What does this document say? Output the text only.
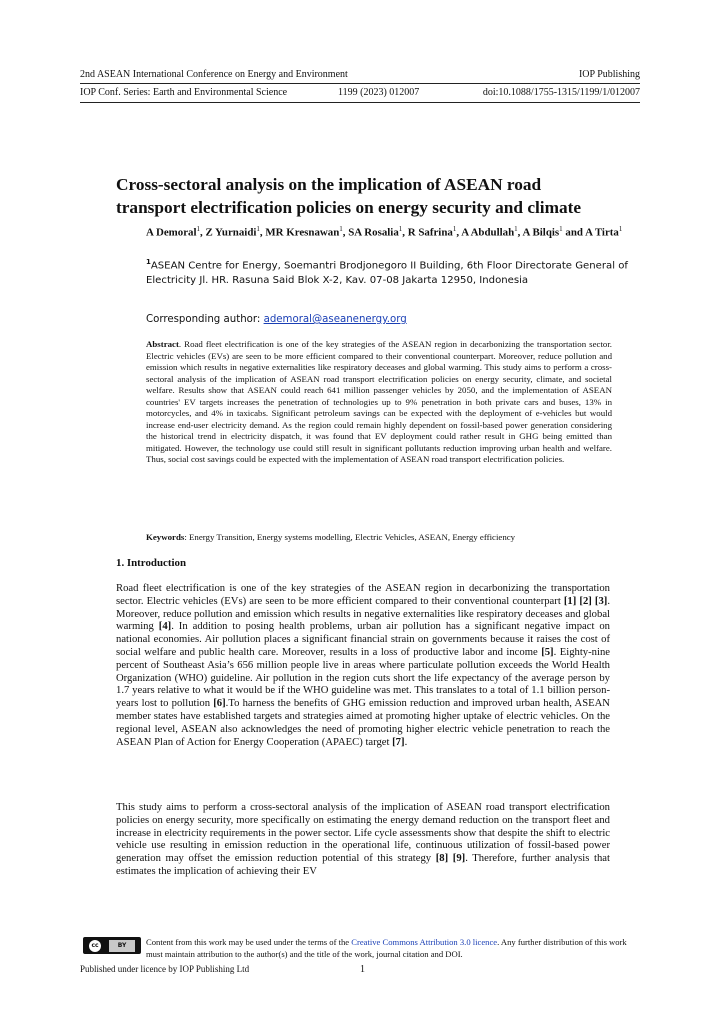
2nd ASEAN International Conference on Energy and Environment	IOP Publishing
IOP Conf. Series: Earth and Environmental Science	1199 (2023) 012007	doi:10.1088/1755-1315/1199/1/012007
Cross-sectoral analysis on the implication of ASEAN road
transport electrification policies on energy security and climate
A Demoral$^1$, Z Yurnaidi$^1$, MR Kresnawan$^1$, SA Rosalia$^1$, R Safrina$^1$, A Abdullah$^1$, A Bilqis$^1$ and A Tirta$^1$
$^1$ASEAN Centre for Energy, Soemantri Brodjonegoro II Building, 6th Floor Directorate General of Electricity Jl. HR. Rasuna Said Blok X-2, Kav. 07-08 Jakarta 12950, Indonesia
Corresponding author: ademoral@aseanenergy.org

Abstract. Road fleet electrification is one of the key strategies of the ASEAN region in decarbonizing the transportation sector. Electric vehicles (EVs) are seen to be more efficient compared to their conventional counterpart. Moreover, reduce pollution and emission which results in negative externalities like respiratory deceases and global warming. This study aims to perform a cross-sectoral analysis of the implication of ASEAN road transport electrification policies on energy security, climate, and societal welfare. Results show that ASEAN could reach 641 million passenger vehicles by 2050, and the implementation of ASEAN countries' EV targets increases the penetration of technologies up to 9% penetration in both private cars and buses, 13% in motorcycles, and 4% in taxicabs. Significant petroleum savings can be expected with the deployment of e-vehicles but would increase end-user electricity demand. As the region could remain highly dependent on fossil-based power generation considering the historical trend in electricity dispatch, it was found that EV deployment could rather result in GHG being emitted than mitigated. However, the technology use could still result in significant pollutants reduction improving urban health and welfare. Thus, social cost savings could be expected with the implementation of ASEAN road transport electrification policies.

Keywords: Energy Transition, Energy systems modelling, Electric Vehicles, ASEAN, Energy efficiency

1. Introduction

Road fleet electrification is one of the key strategies of the ASEAN region in decarbonizing the transportation sector. Electric vehicles (EVs) are seen to be more efficient compared to their conventional counterpart [1] [2] [3]. Moreover, reduce pollution and emission which results in negative externalities like respiratory deceases and global warming [4]. In addition to posing health problems, urban air pollution has a significant negative impact on national economies. Air pollution places a significant financial strain on governments because it raises the cost of social welfare and public health care. Moreover, results in a loss of productive labor and income [5]. Eighty-nine percent of Southeast Asia’s 656 million people live in areas where particulate pollution exceeds the World Health Organization (WHO) guideline. Air pollution in the region cuts short the life expectancy of the average person by 1.7 years relative to what it would be if the WHO guideline was met. This translates to a total of 1.1 billion person-years lost to pollution [6].To harness the benefits of GHG emission reduction and improved urban health, ASEAN member states have established targets and strategies aimed at promoting higher uptake of electric vehicles. On the regional level, ASEAN also acknowledges the need of promoting higher electric vehicle penetration to reach the ASEAN Plan of Action for Energy Cooperation (APAEC) target [7].

This study aims to perform a cross-sectoral analysis of the implication of ASEAN road transport electrification policies on energy security, more specifically on estimating the energy demand reduction on the transport fleet and increase in electricity requirements in the power sector. Life cycle assessments show that despite the shift to electric vehicle use resulting in emission reduction in the operational life, continuous utilization of fossil-based power generation may offset the emission reduction potential of this strategy [8] [9]. Therefore, further analysis that estimates the implication of achieving their EV

cc	BY	Content from this work may be used under the terms of the Creative Commons Attribution 3.0 licence. Any further distribution of this work must maintain attribution to the author(s) and the title of the work, journal citation and DOI.
Published under licence by IOP Publishing Ltd	1
